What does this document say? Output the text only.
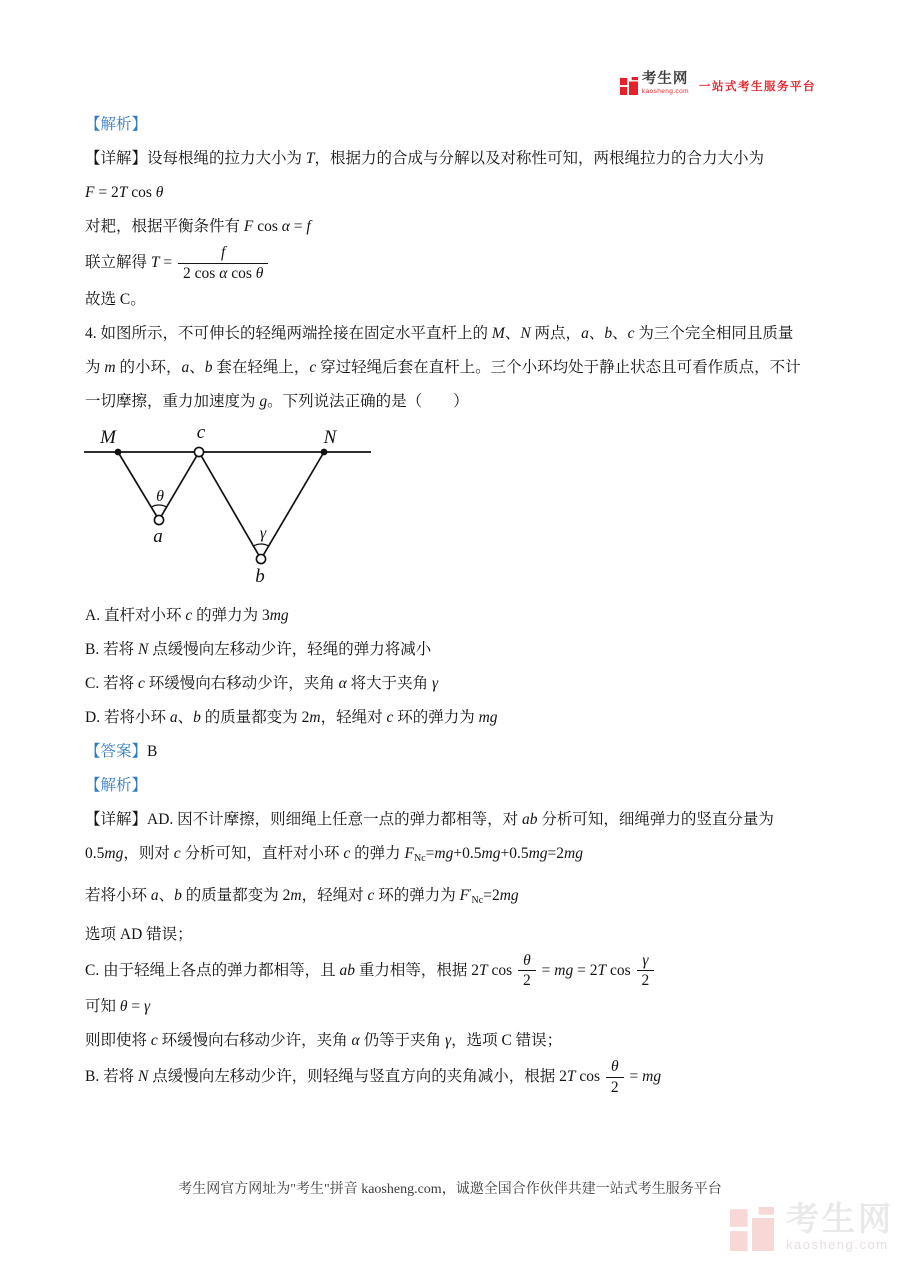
考生网
kaosheng.com 一站式考生服务平台

【解析】

【详解】设每根绳的拉力大小为 T，根据力的合成与分解以及对称性可知，两根绳拉力的合力大小为

F = 2T cos θ

对耙，根据平衡条件有 F cos α = f

联立解得 $T = \frac{f}{\text{2 cos α cos θ}}$

故选 C。

4. 如图所示，不可伸长的轻绳两端拴接在固定水平直杆上的 M、N 两点，a、b、c 为三个完全相同且质量

为 m 的小环，a、b 套在轻绳上，c 穿过轻绳后套在直杆上。三个小环均处于静止状态且可看作质点，不计

一切摩擦，重力加速度为 g。下列说法正确的是（　　）

M	c	N
a
b
θ
γ

A. 直杆对小环 c 的弹力为 3mg

B. 若将 N 点缓慢向左移动少许，轻绳的弹力将减小

C. 若将 c 环缓慢向右移动少许，夹角 α 将大于夹角 γ

D. 若将小环 a、b 的质量都变为 2m，轻绳对 c 环的弹力为 mg

【答案】B

【解析】

【详解】AD. 因不计摩擦，则细绳上任意一点的弹力都相等，对 ab 分析可知，细绳弹力的竖直分量为

0.5mg，则对 c 分析可知，直杆对小环 c 的弹力 FNc=mg+0.5mg+0.5mg=2mg

若将小环 a、b 的质量都变为 2m，轻绳对 c 环的弹力为 F′Nc=2mg

选项 AD 错误；

C. 由于轻绳上各点的弹力都相等，且 ab 重力相等，根据 2T $\cos \frac{\theta}{2}$ = mg = 2T $\cos \frac{\gamma}{2}$

可知 θ = γ

则即使将 c 环缓慢向右移动少许，夹角 α 仍等于夹角 γ，选项 C 错误；

B. 若将 N 点缓慢向左移动少许，则轻绳与竖直方向的夹角减小，根据 2T $\cos \frac{\theta}{2}$ = mg

考生网官方网址为"考生"拼音 kaosheng.com，诚邀全国合作伙伴共建一站式考生服务平台
考生网
kaosheng.com
